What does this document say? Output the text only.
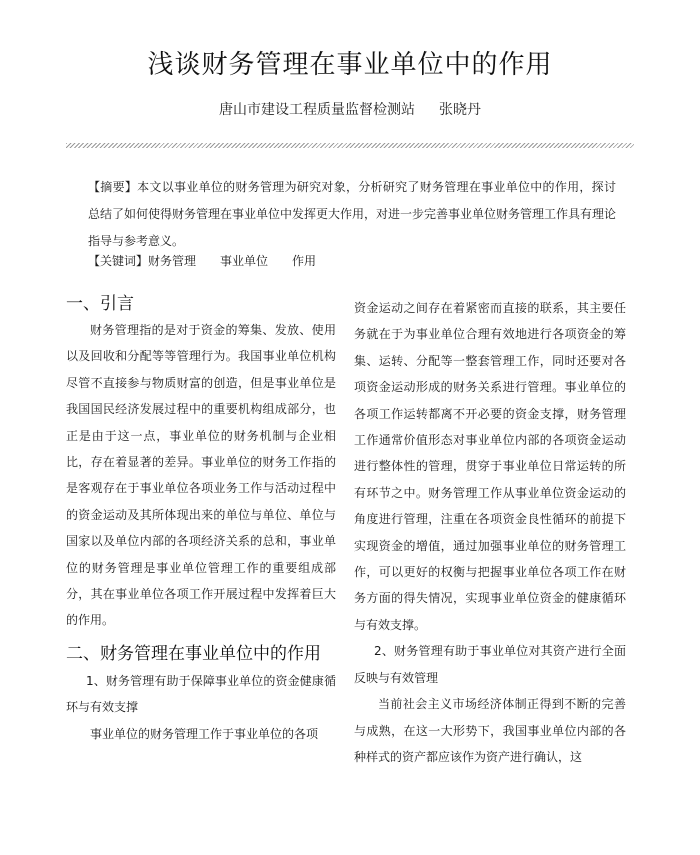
浅谈财务管理在事业单位中的作用
唐山市建设工程质量监督检测站 张晓丹

【摘要】本文以事业单位的财务管理为研究对象，分析研究了财务管理在事业单位中的作用，探讨总结了如何使得财务管理在事业单位中发挥更大作用，对进一步完善事业单位财务管理工作具有理论指导与参考意义。

【关键词】财务管理 事业单位 作用

一、引言

财务管理指的是对于资金的筹集、发放、使用以及回收和分配等等管理行为。我国事业单位机构尽管不直接参与物质财富的创造，但是事业单位是我国国民经济发展过程中的重要机构组成部分，也正是由于这一点，事业单位的财务机制与企业相比，存在着显著的差异。事业单位的财务工作指的是客观存在于事业单位各项业务工作与活动过程中的资金运动及其所体现出来的单位与单位、单位与国家以及单位内部的各项经济关系的总和，事业单位的财务管理是事业单位管理工作的重要组成部分，其在事业单位各项工作开展过程中发挥着巨大的作用。

二、财务管理在事业单位中的作用

1、财务管理有助于保障事业单位的资金健康循环与有效支撑

事业单位的财务管理工作于事业单位的各项

资金运动之间存在着紧密而直接的联系，其主要任务就在于为事业单位合理有效地进行各项资金的筹集、运转、分配等一整套管理工作，同时还要对各项资金运动形成的财务关系进行管理。事业单位的各项工作运转都离不开必要的资金支撑，财务管理工作通常价值形态对事业单位内部的各项资金运动进行整体性的管理，贯穿于事业单位日常运转的所有环节之中。财务管理工作从事业单位资金运动的角度进行管理，注重在各项资金良性循环的前提下实现资金的增值，通过加强事业单位的财务管理工作，可以更好的权衡与把握事业单位各项工作在财务方面的得失情况，实现事业单位资金的健康循环与有效支撑。

2、财务管理有助于事业单位对其资产进行全面反映与有效管理

当前社会主义市场经济体制正得到不断的完善与成熟，在这一大形势下，我国事业单位内部的各种样式的资产都应该作为资产进行确认，这
